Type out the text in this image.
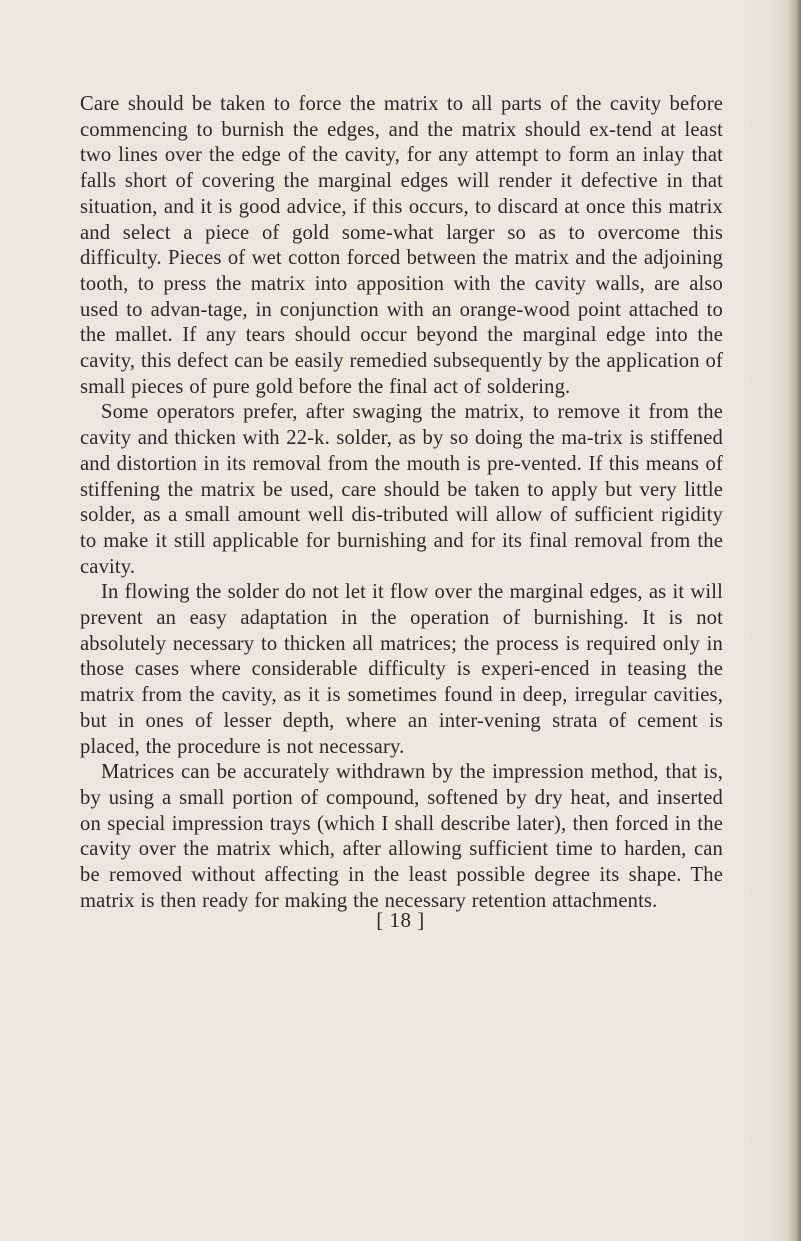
Care should be taken to force the matrix to all parts of the cavity before commencing to burnish the edges, and the matrix should ex-tend at least two lines over the edge of the cavity, for any attempt to form an inlay that falls short of covering the marginal edges will render it defective in that situation, and it is good advice, if this occurs, to discard at once this matrix and select a piece of gold some-what larger so as to overcome this difficulty. Pieces of wet cotton forced between the matrix and the adjoining tooth, to press the matrix into apposition with the cavity walls, are also used to advan-tage, in conjunction with an orange-wood point attached to the mallet. If any tears should occur beyond the marginal edge into the cavity, this defect can be easily remedied subsequently by the application of small pieces of pure gold before the final act of soldering.

Some operators prefer, after swaging the matrix, to remove it from the cavity and thicken with 22-k. solder, as by so doing the ma-trix is stiffened and distortion in its removal from the mouth is pre-vented. If this means of stiffening the matrix be used, care should be taken to apply but very little solder, as a small amount well dis-tributed will allow of sufficient rigidity to make it still applicable for burnishing and for its final removal from the cavity.

In flowing the solder do not let it flow over the marginal edges, as it will prevent an easy adaptation in the operation of burnishing. It is not absolutely necessary to thicken all matrices; the process is required only in those cases where considerable difficulty is experi-enced in teasing the matrix from the cavity, as it is sometimes found in deep, irregular cavities, but in ones of lesser depth, where an inter-vening strata of cement is placed, the procedure is not necessary.

Matrices can be accurately withdrawn by the impression method, that is, by using a small portion of compound, softened by dry heat, and inserted on special impression trays (which I shall describe later), then forced in the cavity over the matrix which, after allowing sufficient time to harden, can be removed without affecting in the least possible degree its shape. The matrix is then ready for making the necessary retention attachments.

[ 18 ]
